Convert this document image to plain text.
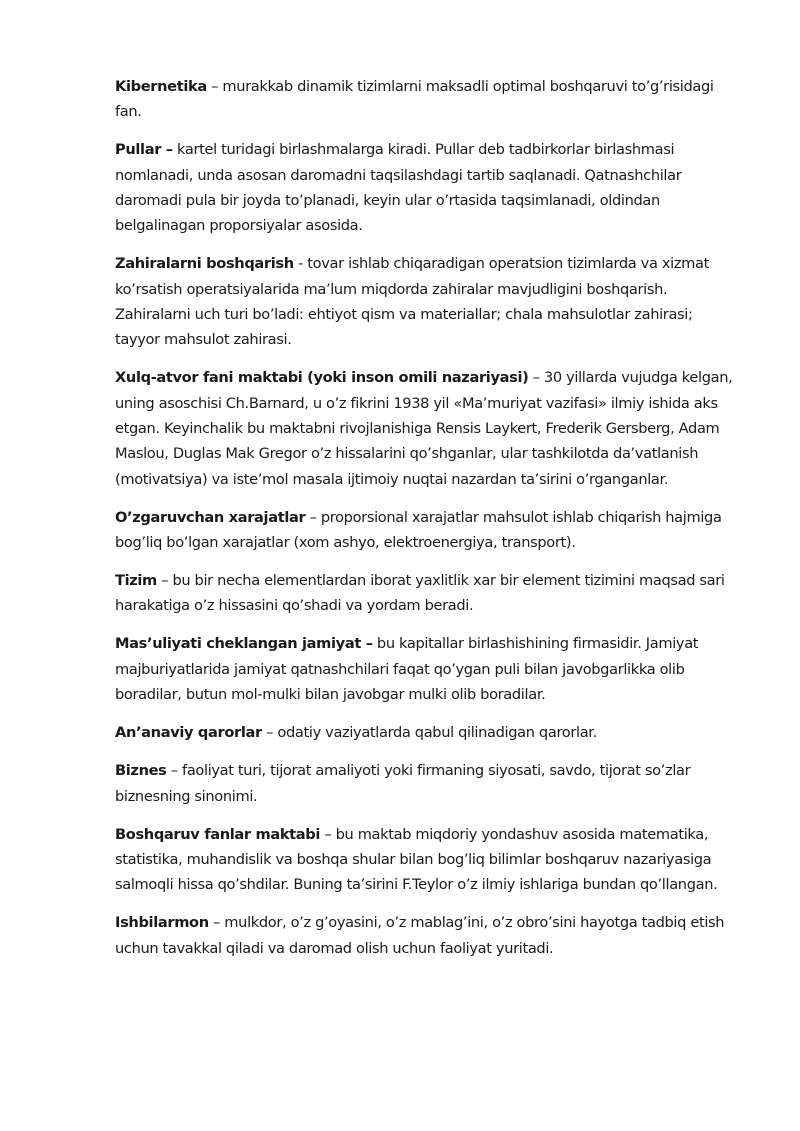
Kibernetika – murakkab dinamik tizimlarni maksadli optimal boshqaruvi to’g’risidagi fan.

Pullar – kartel turidagi birlashmalarga kiradi. Pullar deb tadbirkorlar birlashmasi nomlanadi, unda asosan daromadni taqsilashdagi tartib saqlanadi. Qatnashchilar daromadi pula bir joyda to’planadi, keyin ular o’rtasida taqsimlanadi, oldindan belgalinagan proporsiyalar asosida.

Zahiralarni boshqarish - tovar ishlab chiqaradigan operatsion tizimlarda va xizmat ko’rsatish operatsiyalarida ma’lum miqdorda zahiralar mavjudligini boshqarish. Zahiralarni uch turi bo’ladi: ehtiyot qism va materiallar; chala mahsulotlar zahirasi; tayyor mahsulot zahirasi.

Xulq-atvor fani maktabi (yoki inson omili nazariyasi) – 30 yillarda vujudga kelgan, uning asoschisi Ch.Barnard, u o’z fikrini 1938 yil «Ma’muriyat vazifasi» ilmiy ishida aks etgan. Keyinchalik bu maktabni rivojlanishiga Rensis Laykert, Frederik Gersberg, Adam Maslou, Duglas Mak Gregor o’z hissalarini qo’shganlar, ular tashkilotda da’vatlanish (motivatsiya) va iste’mol masala ijtimoiy nuqtai nazardan ta’sirini o’rganganlar.

O’zgaruvchan xarajatlar – proporsional xarajatlar mahsulot ishlab chiqarish hajmiga bog’liq bo’lgan xarajatlar (xom ashyo, elektroenergiya, transport).

Tizim – bu bir necha elementlardan iborat yaxlitlik xar bir element tizimini maqsad sari harakatiga o’z hissasini qo’shadi va yordam beradi.

Mas’uliyati cheklangan jamiyat – bu kapitallar birlashishining firmasidir. Jamiyat majburiyatlarida jamiyat qatnashchilari faqat qo’ygan puli bilan javobgarlikka olib boradilar, butun mol-mulki bilan javobgar mulki olib boradilar.

An’anaviy qarorlar – odatiy vaziyatlarda qabul qilinadigan qarorlar.

Biznes – faoliyat turi, tijorat amaliyoti yoki firmaning siyosati, savdo, tijorat so’zlar biznesning sinonimi.

Boshqaruv fanlar maktabi – bu maktab miqdoriy yondashuv asosida matematika, statistika, muhandislik va boshqa shular bilan bog’liq bilimlar boshqaruv nazariyasiga salmoqli hissa qo’shdilar. Buning ta’sirini F.Teylor o’z ilmiy ishlariga bundan qo’llangan.

Ishbilarmon – mulkdor, o’z g’oyasini, o’z mablag’ini, o’z obro’sini hayotga tadbiq etish uchun tavakkal qiladi va daromad olish uchun faoliyat yuritadi.
